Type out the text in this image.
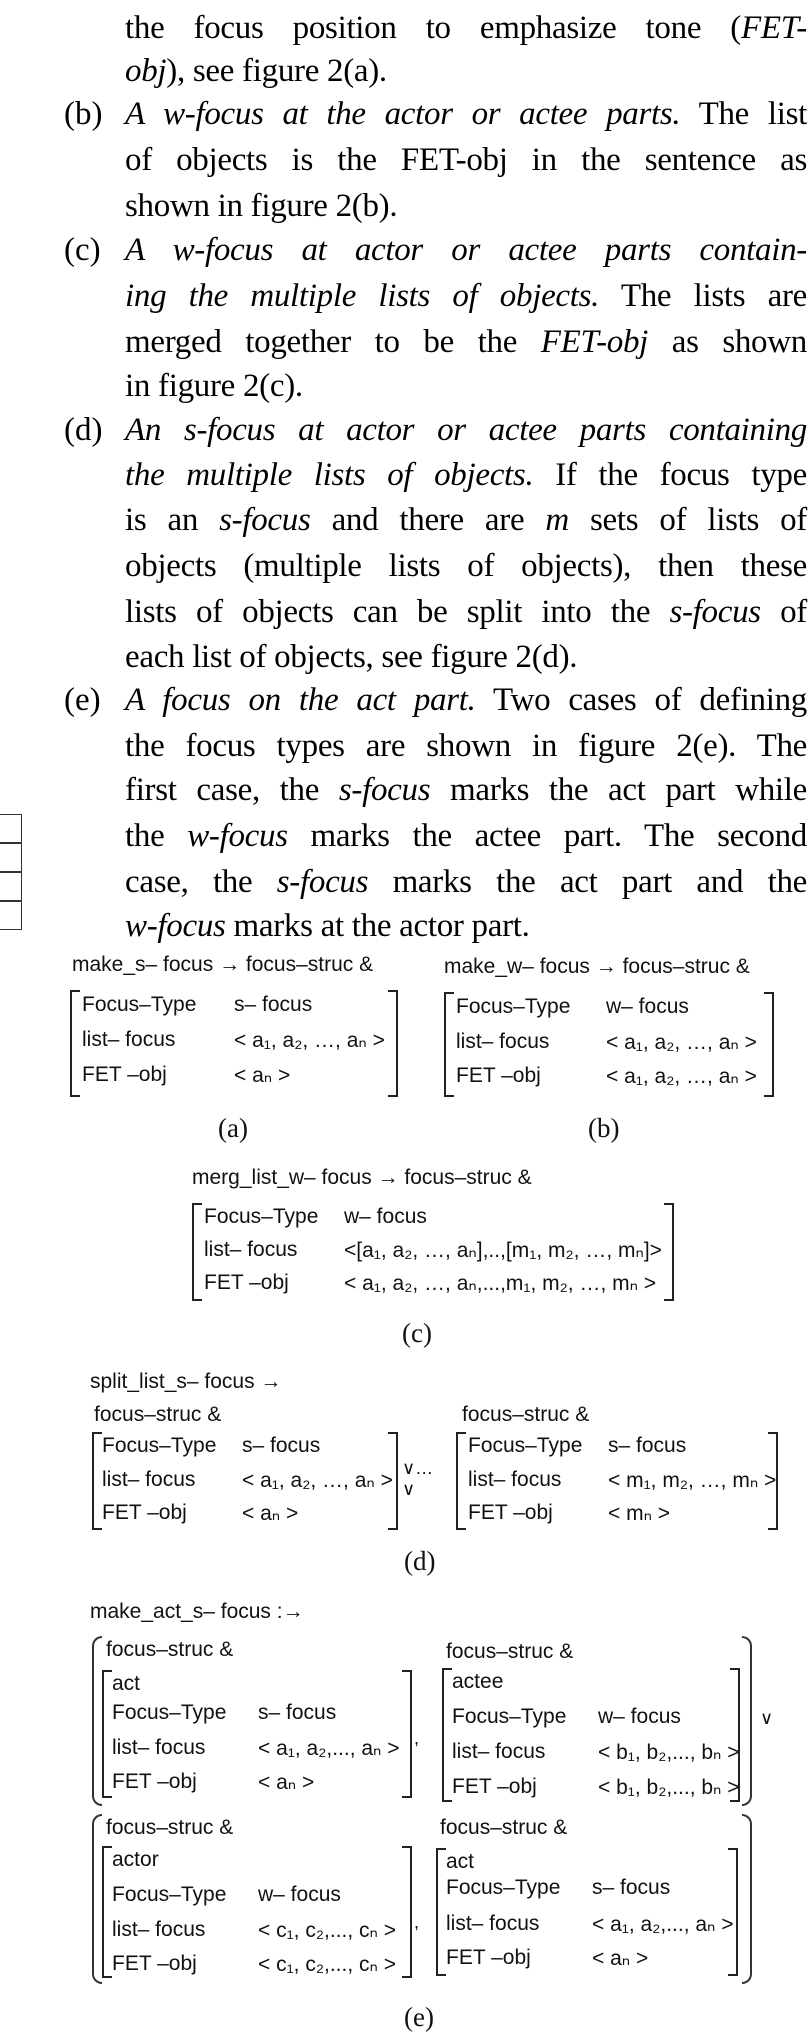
the focus position to emphasize tone (FET-
obj), see figure 2(a).
(b) A w-focus at the actor or actee parts. The list
of objects is the FET-obj in the sentence as
shown in figure 2(b).
(c) A w-focus at actor or actee parts contain-
ing the multiple lists of objects. The lists are
merged together to be the FET-obj as shown
in figure 2(c).
(d) An s-focus at actor or actee parts containing
the multiple lists of objects. If the focus type
is an s-focus and there are m sets of lists of
objects (multiple lists of objects), then these
lists of objects can be split into the s-focus of
each list of objects, see figure 2(d).
(e) A focus on the act part. Two cases of defining
the focus types are shown in figure 2(e). The
first case, the s-focus marks the act part while
the w-focus marks the actee part. The second
case, the s-focus marks the act part and the
w-focus marks at the actor part.
make_s– focus → focus–struc &
Focus–Type s– focus
list– focus	< a₁, a₂, …, aₙ >
FET –obj	< aₙ >
(a)
make_w– focus → focus–struc &
Focus–Type w– focus
list– focus	< a₁, a₂, …, aₙ >
FET –obj	< a₁, a₂, …, aₙ >
(b)
merg_list_w– focus → focus–struc &
Focus–Type w– focus
list– focus <[a₁, a₂, …, aₙ],..,[m₁, m₂, …, mₙ]>
FET –obj	< a₁, a₂, …, aₙ,...,m₁, m₂, …, mₙ >
(c)
split_list_s– focus →
focus–struc &
Focus–Type s– focus
list– focus < a₁, a₂, …, aₙ >
FET –obj	< aₙ >
∨…∨
focus–struc &
Focus–Type s– focus
list– focus < m₁, m₂, …, mₙ >
FET –obj	< mₙ >
(d)
make_act_s– focus :→
∨
focus–struc &
act
Focus–Type s– focus
list– focus	< a₁, a₂,..., aₙ >
FET –obj	< aₙ >
,
focus–struc &
actee
Focus–Type w– focus
list– focus	< b₁, b₂,..., bₙ >
FET –obj	< b₁, b₂,..., bₙ >
focus–struc &
actor
Focus–Type w– focus
list– focus	< c₁, c₂,..., cₙ >
FET –obj	< c₁, c₂,..., cₙ >
,
focus–struc &
act
Focus–Type s– focus
list– focus	< a₁, a₂,..., aₙ >
FET –obj	< aₙ >
(e)
